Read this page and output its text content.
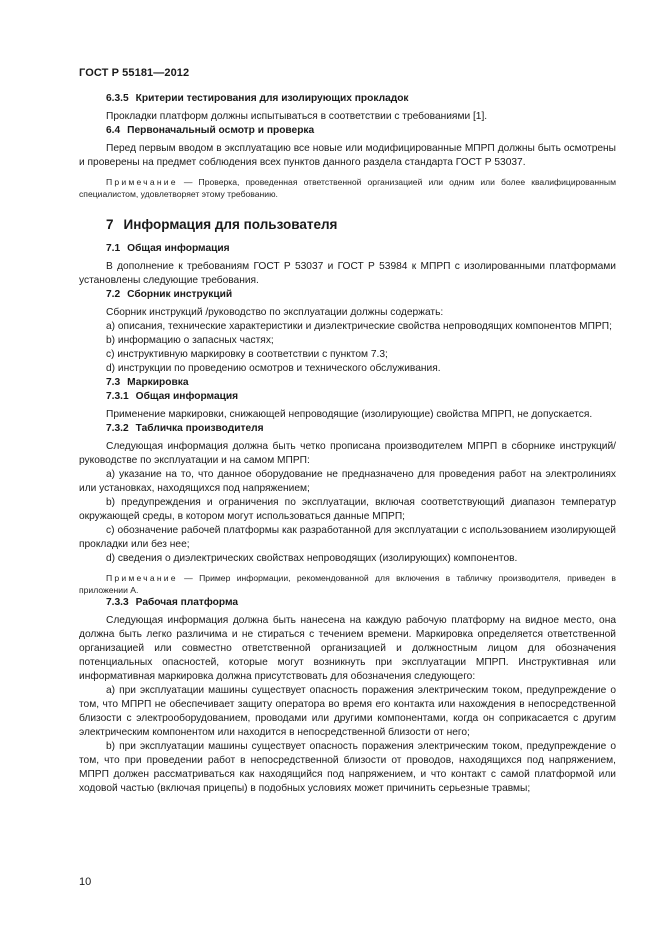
ГОСТ Р 55181—2012

6.3.5 Критерии тестирования для изолирующих прокладок

Прокладки платформ должны испытываться в соответствии с требованиями [1].

6.4 Первоначальный осмотр и проверка

Перед первым вводом в эксплуатацию все новые или модифицированные МПРП должны быть осмотрены и проверены на предмет соблюдения всех пунктов данного раздела стандарта ГОСТ Р 53037.

Примечание — Проверка, проведенная ответственной организацией или одним или более квалифицированным специалистом, удовлетворяет этому требованию.

7 Информация для пользователя

7.1 Общая информация

В дополнение к требованиям ГОСТ Р 53037 и ГОСТ Р 53984 к МПРП с изолированными платформами установлены следующие требования.

7.2 Сборник инструкций

Сборник инструкций /руководство по эксплуатации должны содержать:

a) описания, технические характеристики и диэлектрические свойства непроводящих компонентов МПРП;

b) информацию о запасных частях;

c) инструктивную маркировку в соответствии с пунктом 7.3;

d) инструкции по проведению осмотров и технического обслуживания.

7.3 Маркировка

7.3.1 Общая информация

Применение маркировки, снижающей непроводящие (изолирующие) свойства МПРП, не допускается.

7.3.2 Табличка производителя

Следующая информация должна быть четко прописана производителем МПРП в сборнике инструкций/руководстве по эксплуатации и на самом МПРП:

a) указание на то, что данное оборудование не предназначено для проведения работ на электролиниях или установках, находящихся под напряжением;

b) предупреждения и ограничения по эксплуатации, включая соответствующий диапазон температур окружающей среды, в котором могут использоваться данные МПРП;

c) обозначение рабочей платформы как разработанной для эксплуатации с использованием изолирующей прокладки или без нее;

d) сведения о диэлектрических свойствах непроводящих (изолирующих) компонентов.

Примечание — Пример информации, рекомендованной для включения в табличку производителя, приведен в приложении А.

7.3.3 Рабочая платформа

Следующая информация должна быть нанесена на каждую рабочую платформу на видное место, она должна быть легко различима и не стираться с течением времени. Маркировка определяется ответственной организацией или совместно ответственной организацией и должностным лицом для обозначения потенциальных опасностей, которые могут возникнуть при эксплуатации МПРП. Инструктивная или информативная маркировка должна присутствовать для обозначения следующего:

a) при эксплуатации машины существует опасность поражения электрическим током, предупреждение о том, что МПРП не обеспечивает защиту оператора во время его контакта или нахождения в непосредственной близости с электрооборудованием, проводами или другими компонентами, когда он соприкасается с другим электрическим компонентом или находится в непосредственной близости от него;

b) при эксплуатации машины существует опасность поражения электрическим током, предупреждение о том, что при проведении работ в непосредственной близости от проводов, находящихся под напряжением, МПРП должен рассматриваться как находящийся под напряжением, и что контакт с самой платформой или ходовой частью (включая прицепы) в подобных условиях может причинить серьезные травмы;

10
